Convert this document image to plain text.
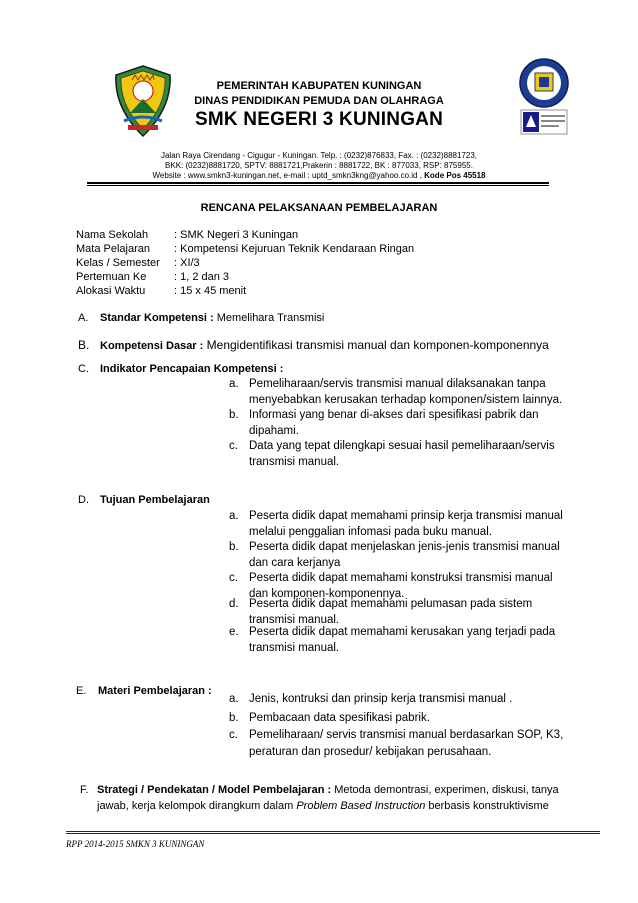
PEMERINTAH KABUPATEN KUNINGAN
DINAS PENDIDIKAN PEMUDA DAN OLAHRAGA
SMK NEGERI 3 KUNINGAN
Jalan Raya Cirendang - Cigugur - Kuningan. Telp. : (0232)876833, Fax. : (0232)8881723,
BKK: (0232)8881720, SPTV: 8881721,Prakerin : 8881722, BK : 877033, RSP: 875955.
Website : www.smkn3-kuningan.net, e-mail : uptd_smkn3kng@yahoo.co.id , Kode Pos 45518
RENCANA PELAKSANAAN PEMBELAJARAN
Nama Sekolah : SMK Negeri 3 Kuningan
Mata Pelajaran : Kompetensi Kejuruan Teknik Kendaraan Ringan
Kelas / Semester : XI/3
Pertemuan Ke	: 1, 2 dan 3
Alokasi Waktu	: 15 x 45 menit
A. Standar Kompetensi : Memelihara Transmisi
B. Kompetensi Dasar : Mengidentifikasi transmisi manual dan komponen-komponennya
C. Indikator Pencapaian Kompetensi :
a. Pemeliharaan/servis transmisi manual dilaksanakan tanpa
menyebabkan kerusakan terhadap komponen/sistem lainnya.
b. Informasi yang benar di-akses dari spesifikasi pabrik dan
dipahami.
c. Data yang tepat dilengkapi sesuai hasil pemeliharaan/servis
transmisi manual.
D. Tujuan Pembelajaran
a. Peserta didik dapat memahami prinsip kerja transmisi manual
melalui penggalian infomasi pada buku manual.
b. Peserta didik dapat menjelaskan jenis-jenis transmisi manual
dan cara kerjanya
c. Peserta didik dapat memahami konstruksi transmisi manual
dan komponen-komponennya.
d. Peserta didik dapat memahami pelumasan pada sistem
transmisi manual.
e. Peserta didik dapat memahami kerusakan yang terjadi pada
transmisi manual.
E. Materi Pembelajaran :
a. Jenis, kontruksi dan prinsip kerja transmisi manual .
b. Pembacaan data spesifikasi pabrik.
c. Pemeliharaan/ servis transmisi manual berdasarkan SOP, K3,
peraturan dan prosedur/ kebijakan perusahaan.
F. Strategi / Pendekatan / Model Pembelajaran : Metoda demontrasi, experimen, diskusi, tanya
jawab, kerja kelompok dirangkum dalam Problem Based Instruction berbasis konstruktivisme
RPP 2014-2015 SMKN 3 KUNINGAN
